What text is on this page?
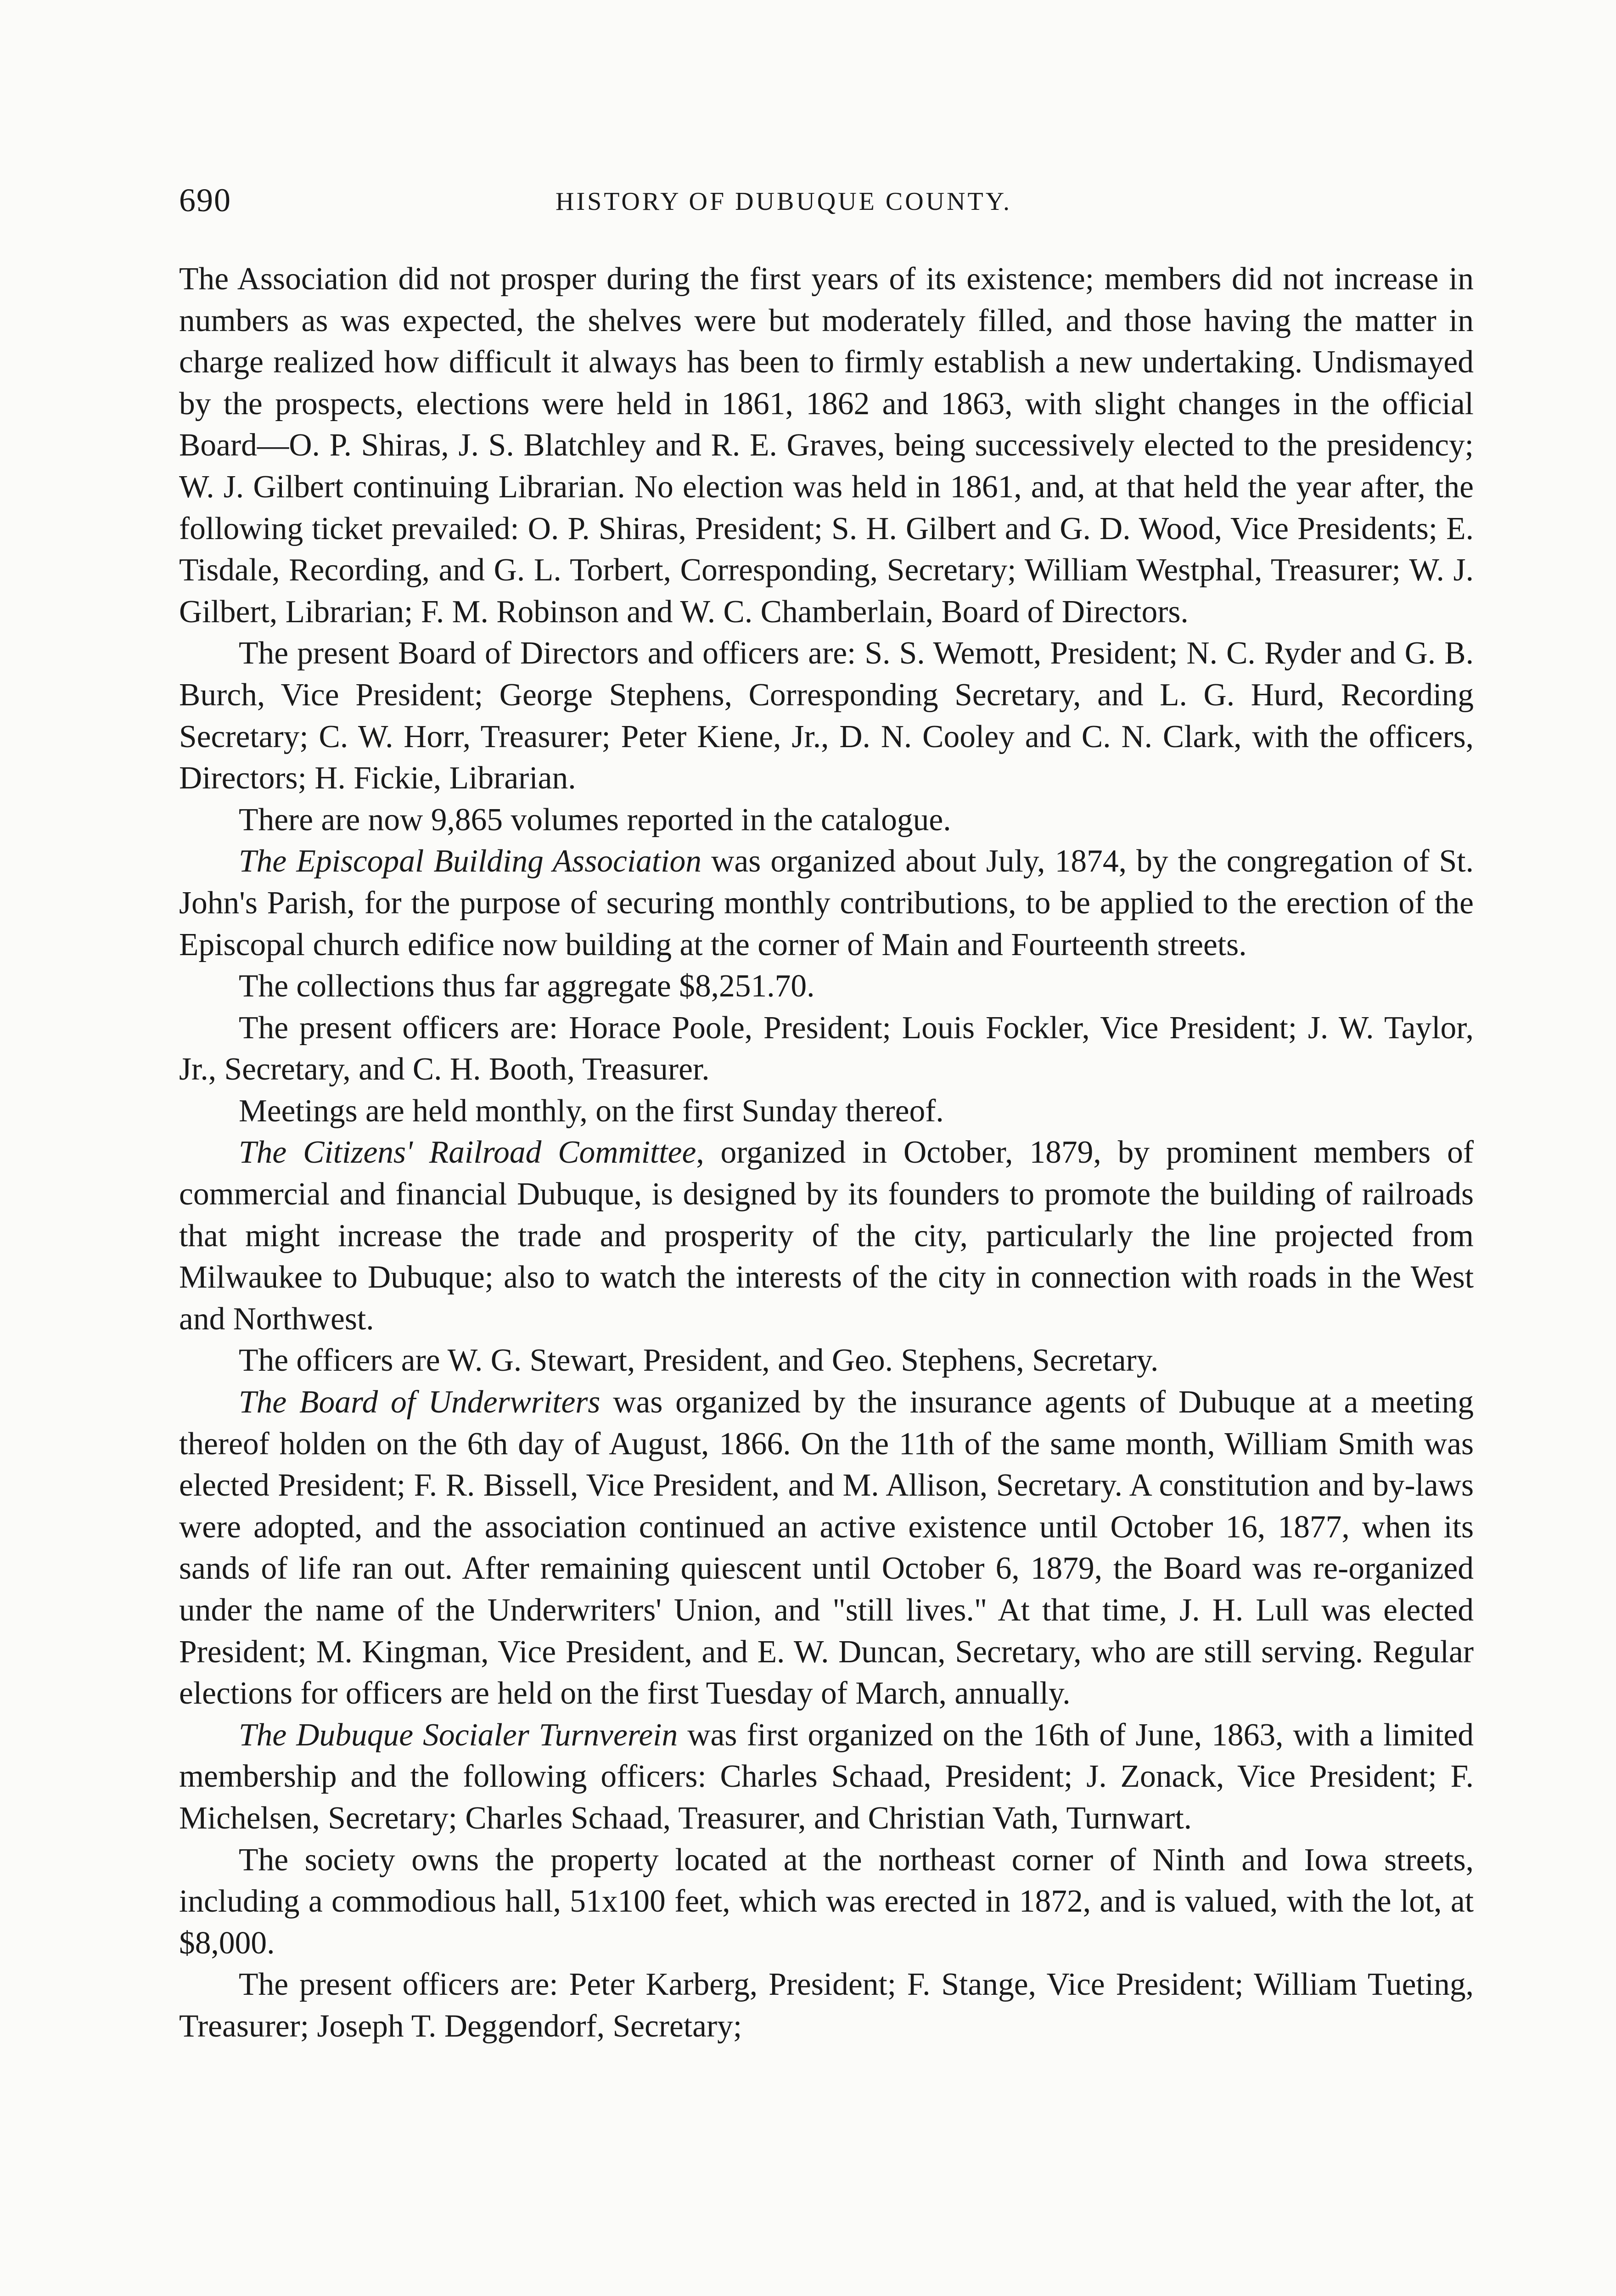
690	HISTORY OF DUBUQUE COUNTY.

The Association did not prosper during the first years of its existence; members did not increase in numbers as was expected, the shelves were but moderately filled, and those having the matter in charge realized how difficult it always has been to firmly establish a new undertaking. Undismayed by the prospects, elections were held in 1861, 1862 and 1863, with slight changes in the official Board—O. P. Shiras, J. S. Blatchley and R. E. Graves, being successively elected to the presidency; W. J. Gilbert continuing Librarian. No election was held in 1861, and, at that held the year after, the following ticket prevailed: O. P. Shiras, President; S. H. Gilbert and G. D. Wood, Vice Presidents; E. Tisdale, Recording, and G. L. Torbert, Corresponding, Secretary; William Westphal, Treasurer; W. J. Gilbert, Librarian; F. M. Robinson and W. C. Chamberlain, Board of Directors.

The present Board of Directors and officers are: S. S. Wemott, President; N. C. Ryder and G. B. Burch, Vice President; George Stephens, Corresponding Secretary, and L. G. Hurd, Recording Secretary; C. W. Horr, Treasurer; Peter Kiene, Jr., D. N. Cooley and C. N. Clark, with the officers, Directors; H. Fickie, Librarian.

There are now 9,865 volumes reported in the catalogue.

The Episcopal Building Association was organized about July, 1874, by the congregation of St. John's Parish, for the purpose of securing monthly contributions, to be applied to the erection of the Episcopal church edifice now building at the corner of Main and Fourteenth streets.

The collections thus far aggregate $8,251.70.

The present officers are: Horace Poole, President; Louis Fockler, Vice President; J. W. Taylor, Jr., Secretary, and C. H. Booth, Treasurer.

Meetings are held monthly, on the first Sunday thereof.

The Citizens' Railroad Committee, organized in October, 1879, by prominent members of commercial and financial Dubuque, is designed by its founders to promote the building of railroads that might increase the trade and prosperity of the city, particularly the line projected from Milwaukee to Dubuque; also to watch the interests of the city in connection with roads in the West and Northwest.

The officers are W. G. Stewart, President, and Geo. Stephens, Secretary.

The Board of Underwriters was organized by the insurance agents of Dubuque at a meeting thereof holden on the 6th day of August, 1866. On the 11th of the same month, William Smith was elected President; F. R. Bissell, Vice President, and M. Allison, Secretary. A constitution and by-laws were adopted, and the association continued an active existence until October 16, 1877, when its sands of life ran out. After remaining quiescent until October 6, 1879, the Board was re-organized under the name of the Underwriters' Union, and "still lives." At that time, J. H. Lull was elected President; M. Kingman, Vice President, and E. W. Duncan, Secretary, who are still serving. Regular elections for officers are held on the first Tuesday of March, annually.

The Dubuque Socialer Turnverein was first organized on the 16th of June, 1863, with a limited membership and the following officers: Charles Schaad, President; J. Zonack, Vice President; F. Michelsen, Secretary; Charles Schaad, Treasurer, and Christian Vath, Turnwart.

The society owns the property located at the northeast corner of Ninth and Iowa streets, including a commodious hall, 51x100 feet, which was erected in 1872, and is valued, with the lot, at $8,000.

The present officers are: Peter Karberg, President; F. Stange, Vice President; William Tueting, Treasurer; Joseph T. Deggendorf, Secretary;
